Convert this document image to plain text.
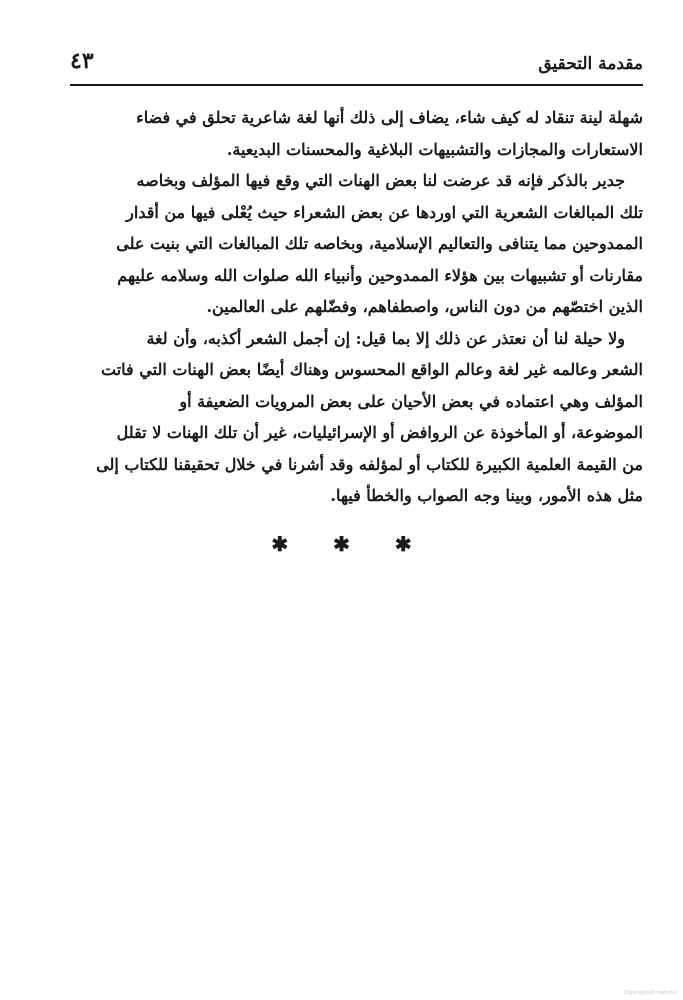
مقدمة التحقيق
٤٣
شهلة لينة تنقاد له كيف شاء، يضاف إلى ذلك أنها لغة شاعرية تحلق في فضاء
الاستعارات والمجازات والتشبيهات البلاغية والمحسنات البديعية.
جدير بالذكر فإنه قد عرضت لنا بعض الهنات التي وقع فيها المؤلف وبخاصه
تلك المبالغات الشعرية التي اوردها عن بعض الشعراء حيث يُعْلى فيها من أقدار
الممدوحين مما يتنافى والتعاليم الإسلامية، وبخاصه تلك المبالغات التي بنيت على
مقارنات أو تشبيهات بين هؤلاء الممدوحين وأنبياء الله صلوات الله وسلامه عليهم
الذين اختصّهم من دون الناس، واصطفاهم، وفضّلهم على العالمين.
ولا حيلة لنا أن نعتذر عن ذلك إلا بما قيل: إن أجمل الشعر أكذبه، وأن لغة
الشعر وعالمه غير لغة وعالم الواقع المحسوس وهناك أيضًا بعض الهنات التي فاتت
المؤلف وهي اعتماده في بعض الأحيان على بعض المرويات الضعيفة أو
الموضوعة، أو المأخوذة عن الروافض أو الإسرائيليات، غير أن تلك الهنات لا تقلل
من القيمة العلمية الكبيرة للكتاب أو لمؤلفه وقد أشرنا في خلال تحقيقنا للكتاب إلى
مثل هذه الأمور، وبينا وجه الصواب والخطأ فيها.
✱ ✱ ✱
Copyrighted material
